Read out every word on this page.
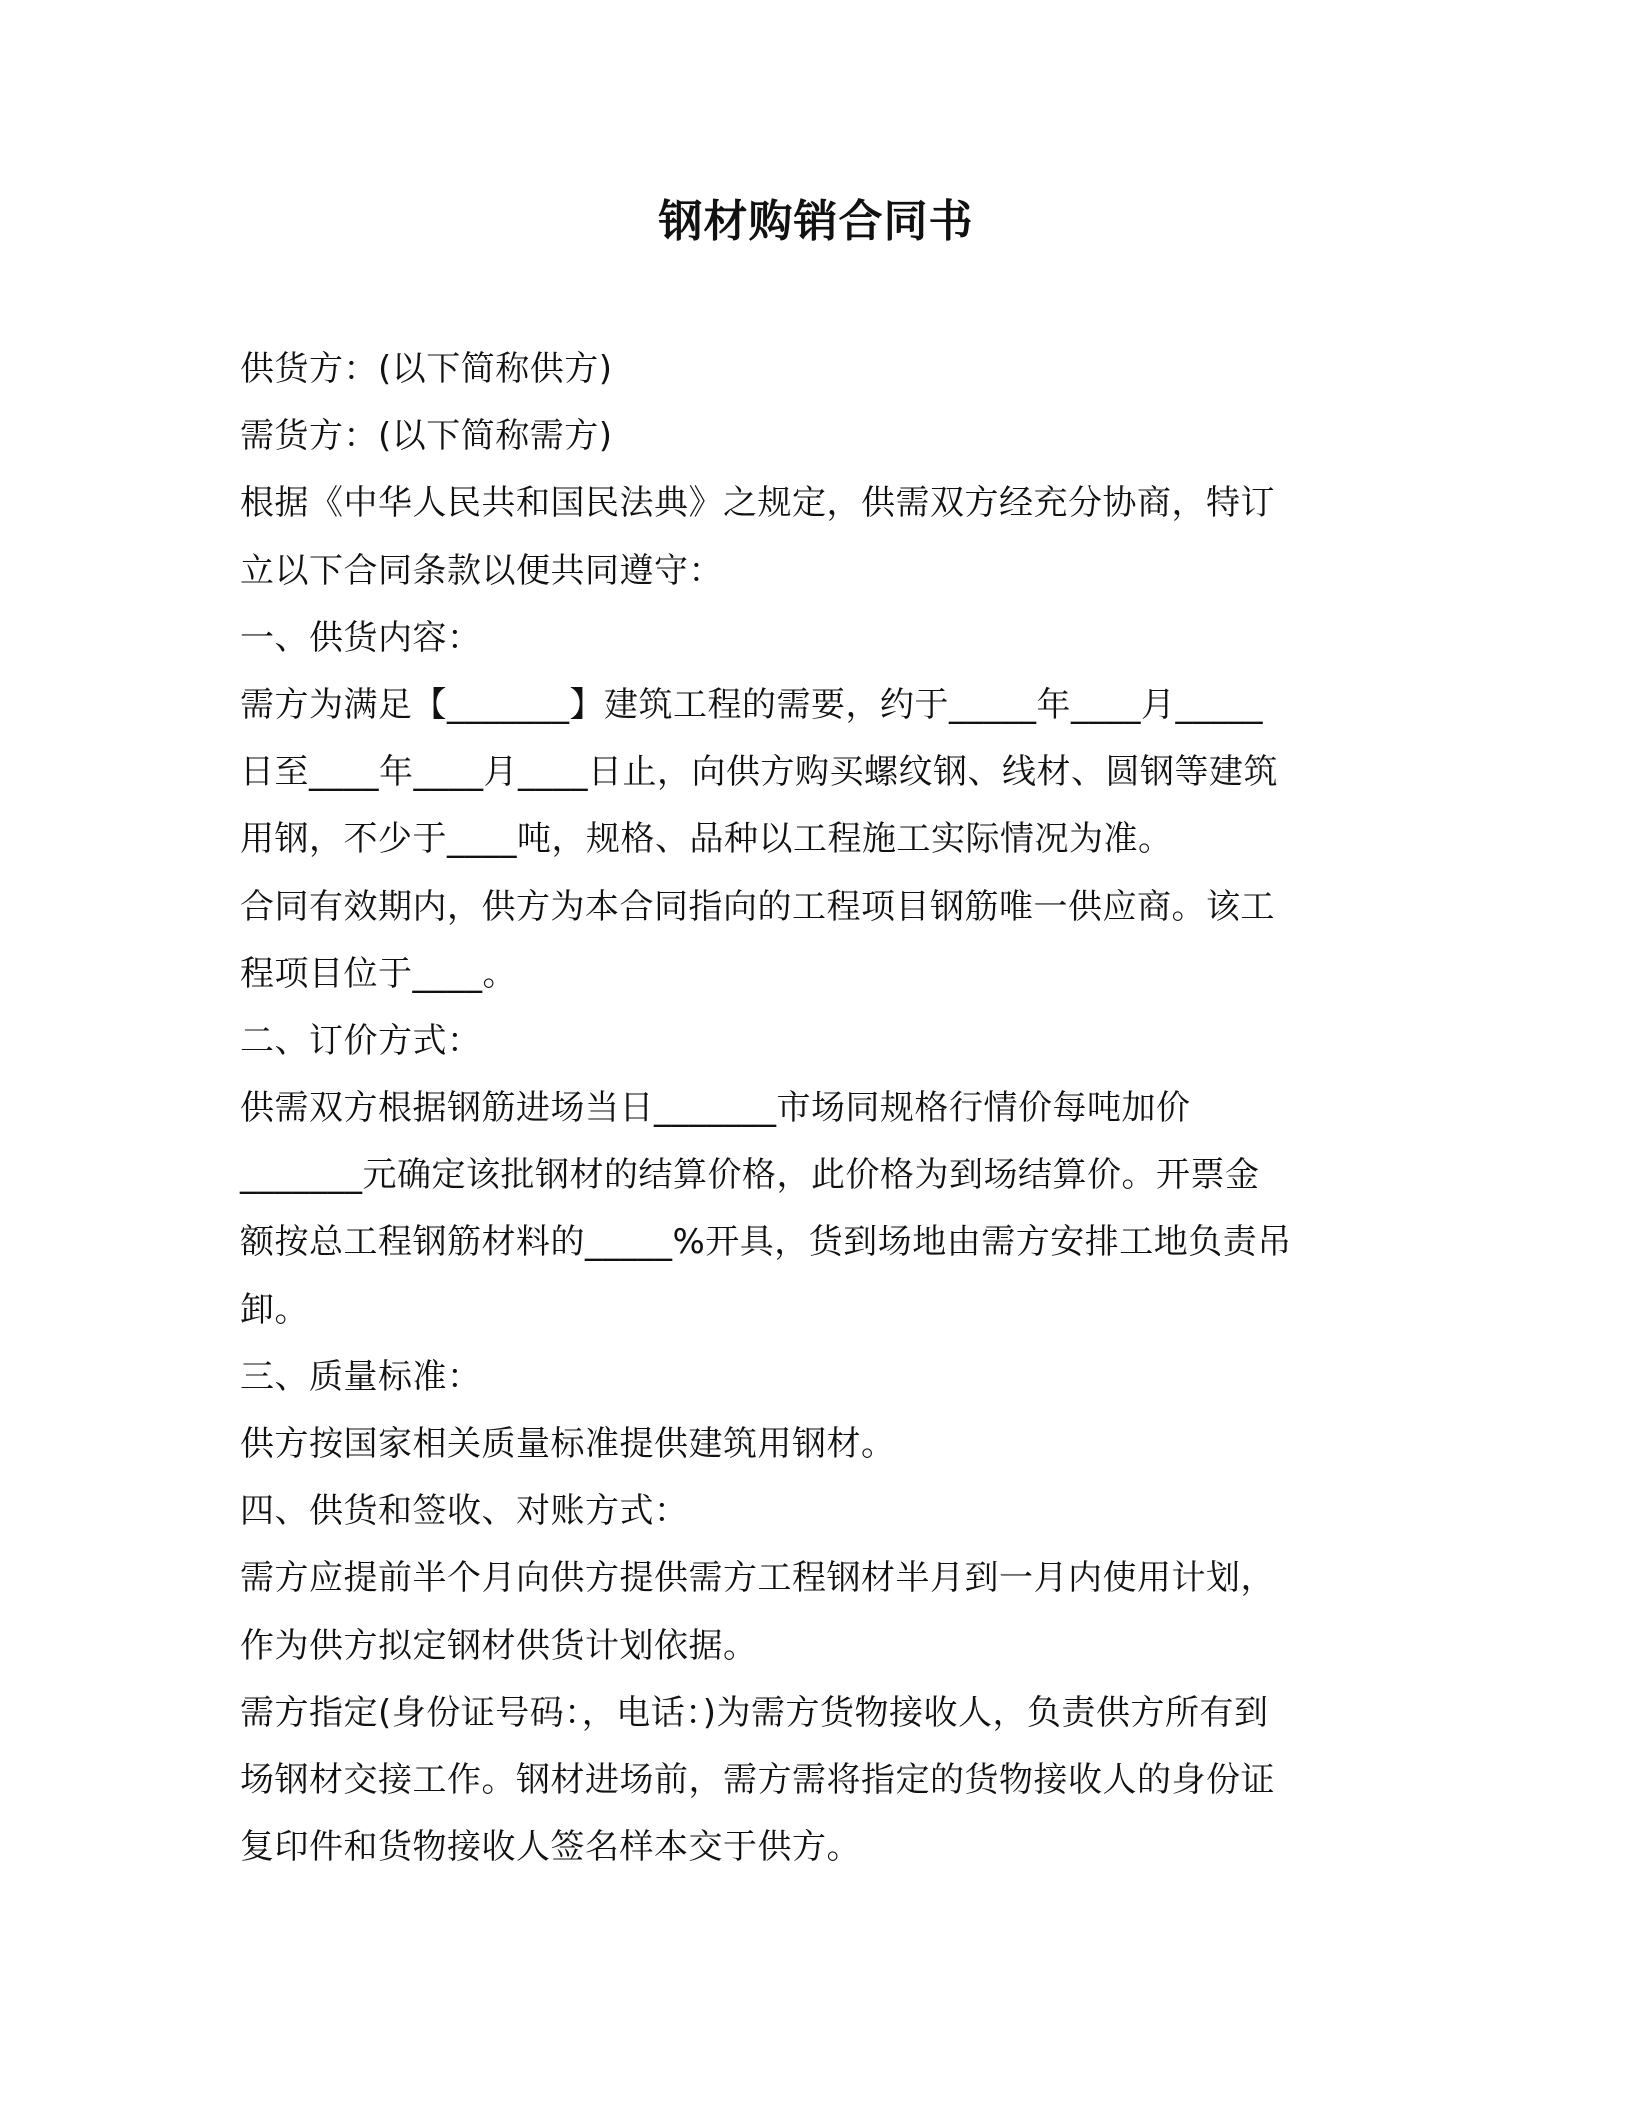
钢材购销合同书
供货方：(以下简称供方)
需货方：(以下简称需方)
根据《中华人民共和国民法典》之规定，供需双方经充分协商，特订
立以下合同条款以便共同遵守：
一、供货内容：
需方为满足【_______】建筑工程的需要，约于_____年____月_____
日至____年____月____日止，向供方购买螺纹钢、线材、圆钢等建筑
用钢，不少于____吨，规格、品种以工程施工实际情况为准。
合同有效期内，供方为本合同指向的工程项目钢筋唯一供应商。该工
程项目位于____。
二、订价方式：
供需双方根据钢筋进场当日_______市场同规格行情价每吨加价
_______元确定该批钢材的结算价格，此价格为到场结算价。开票金
额按总工程钢筋材料的_____%开具，货到场地由需方安排工地负责吊
卸。
三、质量标准：
供方按国家相关质量标准提供建筑用钢材。
四、供货和签收、对账方式：
需方应提前半个月向供方提供需方工程钢材半月到一月内使用计划，
作为供方拟定钢材供货计划依据。
需方指定(身份证号码：，电话：)为需方货物接收人，负责供方所有到
场钢材交接工作。钢材进场前，需方需将指定的货物接收人的身份证
复印件和货物接收人签名样本交于供方。
